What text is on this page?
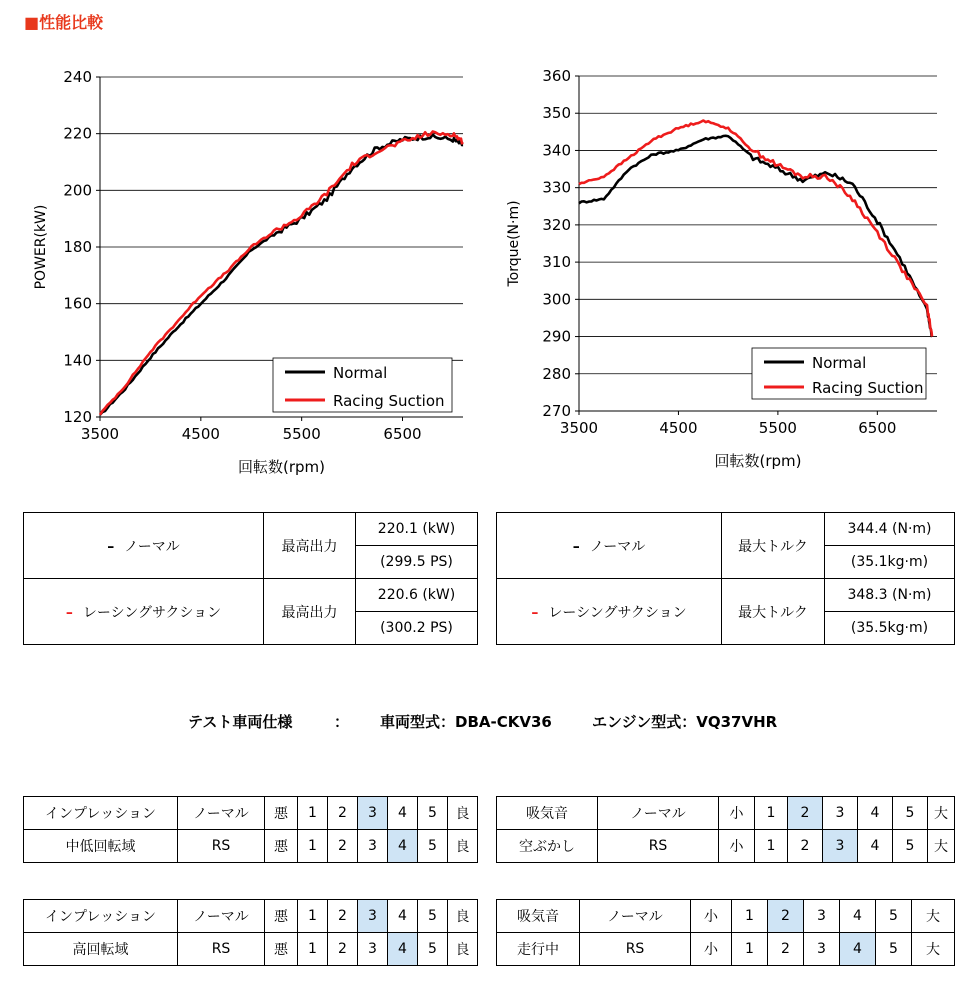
■性能比較
120
140
160
180
200
220
240
3500	4500	5500	6500
回転数(rpm)
POWER(kW)
Normal
Racing Suction
270
280
290
300
310
320
330
340
350
360
3500	4500	5500	6500
回転数(rpm)
Torque(N·m)
Normal
Racing Suction
– ノーマル	最高出力	220.1 (kW)
		(299.5 PS)
– レーシングサクション	最高出力	220.6 (kW)
		(300.2 PS)
– ノーマル	最大トルク	344.4 (N·m)
		(35.1kg·m)
– レーシングサクション	最大トルク	348.3 (N·m)
		(35.5kg·m)
テスト車両仕様	： 車両型式：DBA-CKV36	エンジン型式：VQ37VHR
インプレッション	ノーマル	悪	1	2	3	4	5	良
中低回転域	RS	悪	1	2	3	4	5	良
吸気音	ノーマル	小	1	2	3	4	5	大
空ぶかし	RS	小	1	2	3	4	5	大
インプレッション	ノーマル	悪	1	2	3	4	5	良
高回転域	RS	悪	1	2	3	4	5	良
吸気音	ノーマル	小	1	2	3	4	5	大
走行中	RS	小	1	2	3	4	5	大
